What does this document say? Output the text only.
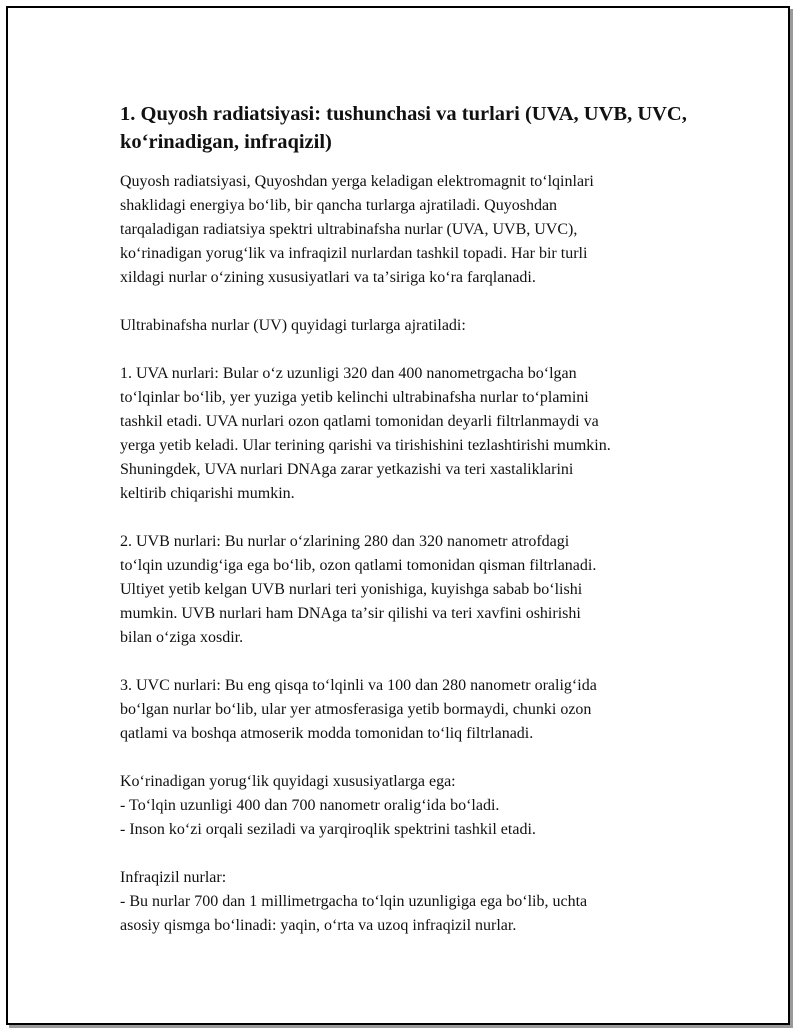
1. Quyosh radiatsiyasi: tushunchasi va turlari (UVA, UVB, UVC, koʻrinadigan, infraqizil)

Quyosh radiatsiyasi, Quyoshdan yerga keladigan elektromagnit toʻlqinlari
shaklidagi energiya boʻlib, bir qancha turlarga ajratiladi. Quyoshdan
tarqaladigan radiatsiya spektri ultrabinafsha nurlar (UVA, UVB, UVC),
koʻrinadigan yorugʻlik va infraqizil nurlardan tashkil topadi. Har bir turli
xildagi nurlar oʻzining xususiyatlari va taʼsiriga koʻra farqlanadi.

Ultrabinafsha nurlar (UV) quyidagi turlarga ajratiladi:

1. UVA nurlari: Bular oʻz uzunligi 320 dan 400 nanometrgacha boʻlgan
toʻlqinlar boʻlib, yer yuziga yetib kelinchi ultrabinafsha nurlar toʻplamini
tashkil etadi. UVA nurlari ozon qatlami tomonidan deyarli filtrlanmaydi va
yerga yetib keladi. Ular terining qarishi va tirishishini tezlashtirishi mumkin.
Shuningdek, UVA nurlari DNAga zarar yetkazishi va teri xastaliklarini
keltirib chiqarishi mumkin.

2. UVB nurlari: Bu nurlar oʻzlarining 280 dan 320 nanometr atrofdagi
toʻlqin uzundigʻiga ega boʻlib, ozon qatlami tomonidan qisman filtrlanadi.
Ultiyet yetib kelgan UVB nurlari teri yonishiga, kuyishga sabab boʻlishi
mumkin. UVB nurlari ham DNAga taʼsir qilishi va teri xavfini oshirishi
bilan oʻziga xosdir.

3. UVC nurlari: Bu eng qisqa toʻlqinli va 100 dan 280 nanometr oraligʻida
boʻlgan nurlar boʻlib, ular yer atmosferasiga yetib bormaydi, chunki ozon
qatlami va boshqa atmoserik modda tomonidan toʻliq filtrlanadi.

Koʻrinadigan yorugʻlik quyidagi xususiyatlarga ega:
- Toʻlqin uzunligi 400 dan 700 nanometr oraligʻida boʻladi.
- Inson koʻzi orqali seziladi va yarqiroqlik spektrini tashkil etadi.

Infraqizil nurlar:
- Bu nurlar 700 dan 1 millimetrgacha toʻlqin uzunligiga ega boʻlib, uchta
asosiy qismga boʻlinadi: yaqin, oʻrta va uzoq infraqizil nurlar.
